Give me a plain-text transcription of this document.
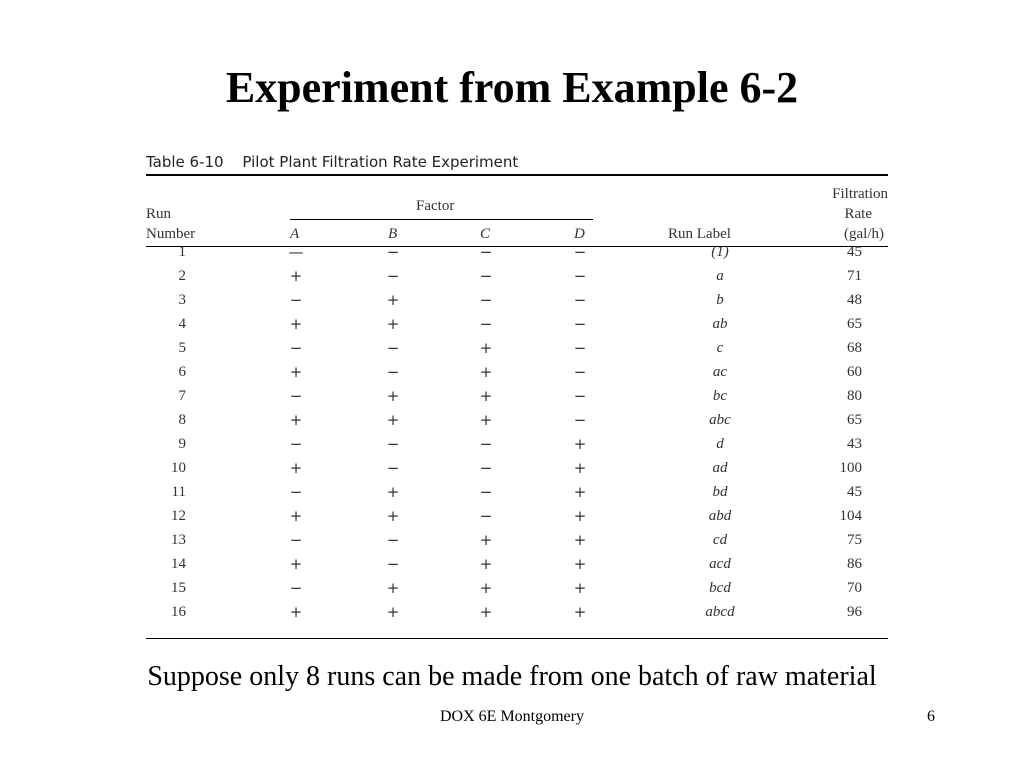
Experiment from Example 6-2
Table 6-10 Pilot Plant Filtration Rate Experiment
Run
Number
Factor
A	B	C	D	Run Label
Filtration
Rate
(gal/h)
1	—	−	−	−	(1)	45
2	+	−	−	−	a	71
3	−	+	−	−	b	48
4	+	+	−	−	ab	65
5	−	−	+	−	c	68
6	+	−	+	−	ac	60
7	−	+	+	−	bc	80
8	+	+	+	−	abc	65
9	−	−	−	+	d	43
10	+	−	−	+	ad	100
11	−	+	−	+	bd	45
12	+	+	−	+	abd	104
13	−	−	+	+	cd	75
14	+	−	+	+	acd	86
15	−	+	+	+	bcd	70
16	+	+	+	+	abcd	96
Suppose only 8 runs can be made from one batch of raw material
DOX 6E Montgomery	6
